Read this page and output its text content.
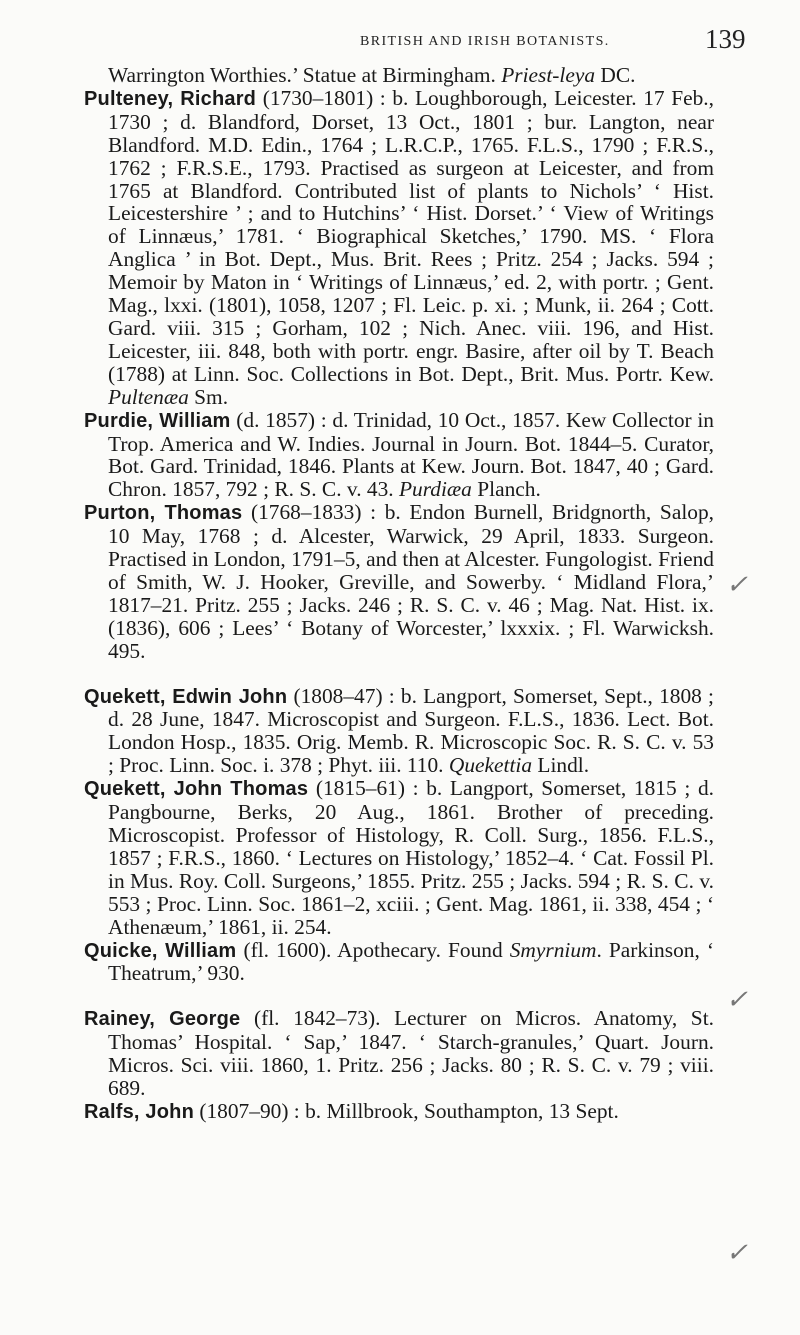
BRITISH AND IRISH BOTANISTS.	139

Warrington Worthies.’ Statue at Birmingham. Priest-leya DC.

Pulteney, Richard (1730–1801) : b. Loughborough, Leicester. 17 Feb., 1730 ; d. Blandford, Dorset, 13 Oct., 1801 ; bur. Langton, near Blandford. M.D. Edin., 1764 ; L.R.C.P., 1765. F.L.S., 1790 ; F.R.S., 1762 ; F.R.S.E., 1793. Practised as surgeon at Leicester, and from 1765 at Blandford. Contributed list of plants to Nichols’ ‘ Hist. Leicestershire ’ ; and to Hutchins’ ‘ Hist. Dorset.’ ‘ View of Writings of Linnæus,’ 1781. ‘ Biographical Sketches,’ 1790. MS. ‘ Flora Anglica ’ in Bot. Dept., Mus. Brit. Rees ; Pritz. 254 ; Jacks. 594 ; Memoir by Maton in ‘ Writings of Linnæus,’ ed. 2, with portr. ; Gent. Mag., lxxi. (1801), 1058, 1207 ; Fl. Leic. p. xi. ; Munk, ii. 264 ; Cott. Gard. viii. 315 ; Gorham, 102 ; Nich. Anec. viii. 196, and Hist. Leicester, iii. 848, both with portr. engr. Basire, after oil by T. Beach (1788) at Linn. Soc. Collections in Bot. Dept., Brit. Mus. Portr. Kew. Pultenæa Sm.

Purdie, William (d. 1857) : d. Trinidad, 10 Oct., 1857. Kew Collector in Trop. America and W. Indies. Journal in Journ. Bot. 1844–5. Curator, Bot. Gard. Trinidad, 1846. Plants at Kew. Journ. Bot. 1847, 40 ; Gard. Chron. 1857, 792 ; R. S. C. v. 43. Purdiæa Planch.

Purton, Thomas (1768–1833) : b. Endon Burnell, Bridgnorth, Salop, 10 May, 1768 ; d. Alcester, Warwick, 29 April, 1833. Surgeon. Practised in London, 1791–5, and then at Alcester. Fungologist. Friend of Smith, W. J. Hooker, Greville, and Sowerby. ‘ Midland Flora,’ 1817–21. Pritz. 255 ; Jacks. 246 ; R. S. C. v. 46 ; Mag. Nat. Hist. ix. (1836), 606 ; Lees’ ‘ Botany of Worcester,’ lxxxix. ; Fl. Warwicksh. 495.

Quekett, Edwin John (1808–47) : b. Langport, Somerset, Sept., 1808 ; d. 28 June, 1847. Microscopist and Surgeon. F.L.S., 1836. Lect. Bot. London Hosp., 1835. Orig. Memb. R. Microscopic Soc. R. S. C. v. 53 ; Proc. Linn. Soc. i. 378 ; Phyt. iii. 110. Quekettia Lindl.

Quekett, John Thomas (1815–61) : b. Langport, Somerset, 1815 ; d. Pangbourne, Berks, 20 Aug., 1861. Brother of preceding. Microscopist. Professor of Histology, R. Coll. Surg., 1856. F.L.S., 1857 ; F.R.S., 1860. ‘ Lectures on Histology,’ 1852–4. ‘ Cat. Fossil Pl. in Mus. Roy. Coll. Surgeons,’ 1855. Pritz. 255 ; Jacks. 594 ; R. S. C. v. 553 ; Proc. Linn. Soc. 1861–2, xciii. ; Gent. Mag. 1861, ii. 338, 454 ; ‘ Athenæum,’ 1861, ii. 254.

Quicke, William (fl. 1600). Apothecary. Found Smyrnium. Parkinson, ‘ Theatrum,’ 930.

Rainey, George (fl. 1842–73). Lecturer on Micros. Anatomy, St. Thomas’ Hospital. ‘ Sap,’ 1847. ‘ Starch-granules,’ Quart. Journ. Micros. Sci. viii. 1860, 1. Pritz. 256 ; Jacks. 80 ; R. S. C. v. 79 ; viii. 689.

Ralfs, John (1807–90) : b. Millbrook, Southampton, 13 Sept.

✓
✓
✓
